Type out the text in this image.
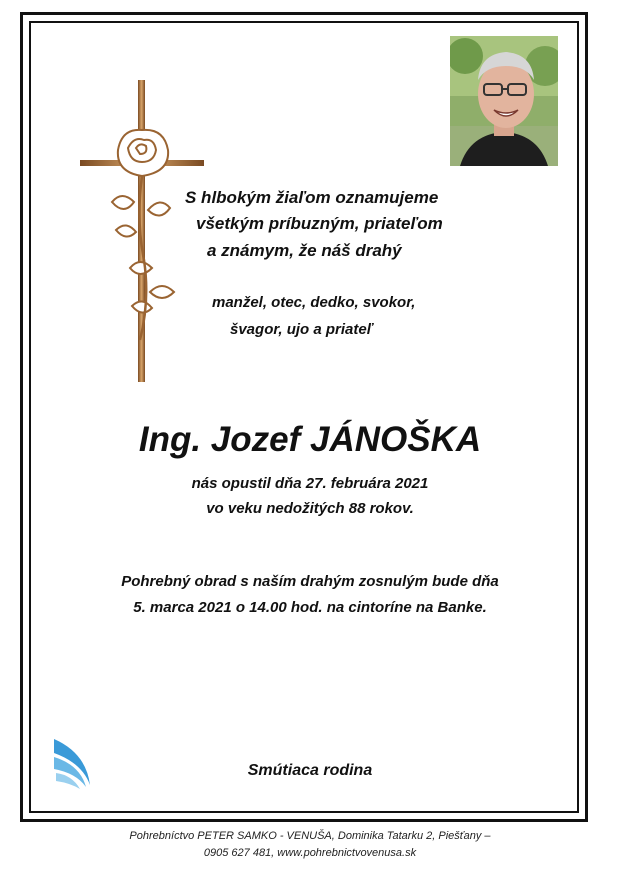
S hlbokým žiaľom oznamujeme
všetkým príbuzným, priateľom
a známym, že náš drahý
manžel, otec, dedko, svokor,
švagor, ujo a priateľ
Ing. Jozef JÁNOŠKA
nás opustil dňa 27. februára 2021
vo veku nedožitých 88 rokov.
Pohrebný obrad s naším drahým zosnulým bude dňa
5. marca 2021 o 14.00 hod. na cintoríne na Banke.
Smútiaca rodina
Pohrebníctvo PETER SAMKO - VENUŠA, Dominika Tatarku 2, Piešťany –
0905 627 481, www.pohrebnictvovenusa.sk
